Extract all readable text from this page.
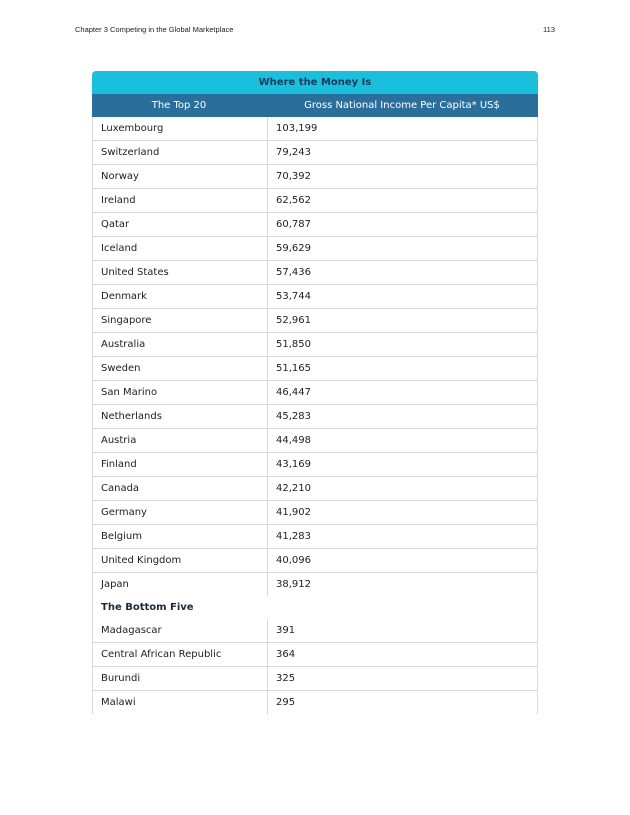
Chapter 3 Competing in the Global Marketplace	113
Where the Money Is
The Top 20	Gross National Income Per Capita* US$
Luxembourg	103,199
Switzerland	79,243
Norway	70,392
Ireland	62,562
Qatar	60,787
Iceland	59,629
United States	57,436
Denmark	53,744
Singapore	52,961
Australia	51,850
Sweden	51,165
San Marino	46,447
Netherlands	45,283
Austria	44,498
Finland	43,169
Canada	42,210
Germany	41,902
Belgium	41,283
United Kingdom	40,096
Japan	38,912
The Bottom Five	
Madagascar	391
Central African Republic	364
Burundi	325
Malawi	295
